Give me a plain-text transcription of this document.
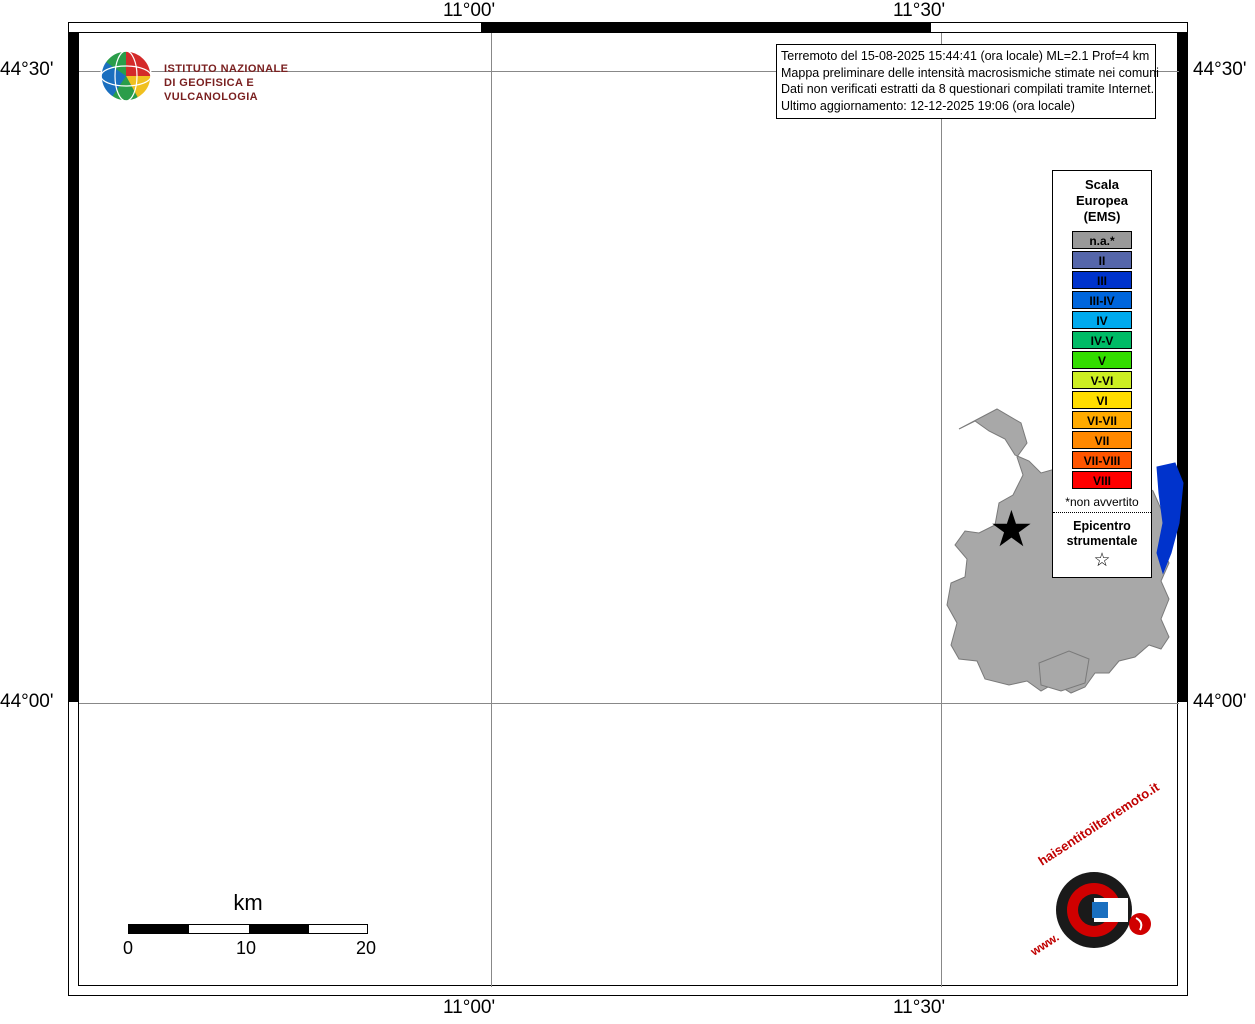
11°00'	11°30'
11°00'	11°30'
44°30'
44°00'
44°30'
44°00'
ISTITUTO NAZIONALE
DI GEOFISICA E VULCANOLOGIA
Terremoto del 15-08-2025 15:44:41 (ora locale) ML=2.1 Prof=4 km
Mappa preliminare delle intensità macrosismiche stimate nei comuni
Dati non verificati estratti da 8 questionari compilati tramite Internet.
Ultimo aggiornamento: 12-12-2025 19:06 (ora locale)
Scala
Europea
(EMS)
n.a.*
II
III
III-IV
IV
IV-V
V
V-VI
VI
VI-VII
VII
VII-VIII
VIII
*non avvertito
Epicentro
strumentale
☆
★
km
0	10	20
haisentitoilterremoto.it
www.
